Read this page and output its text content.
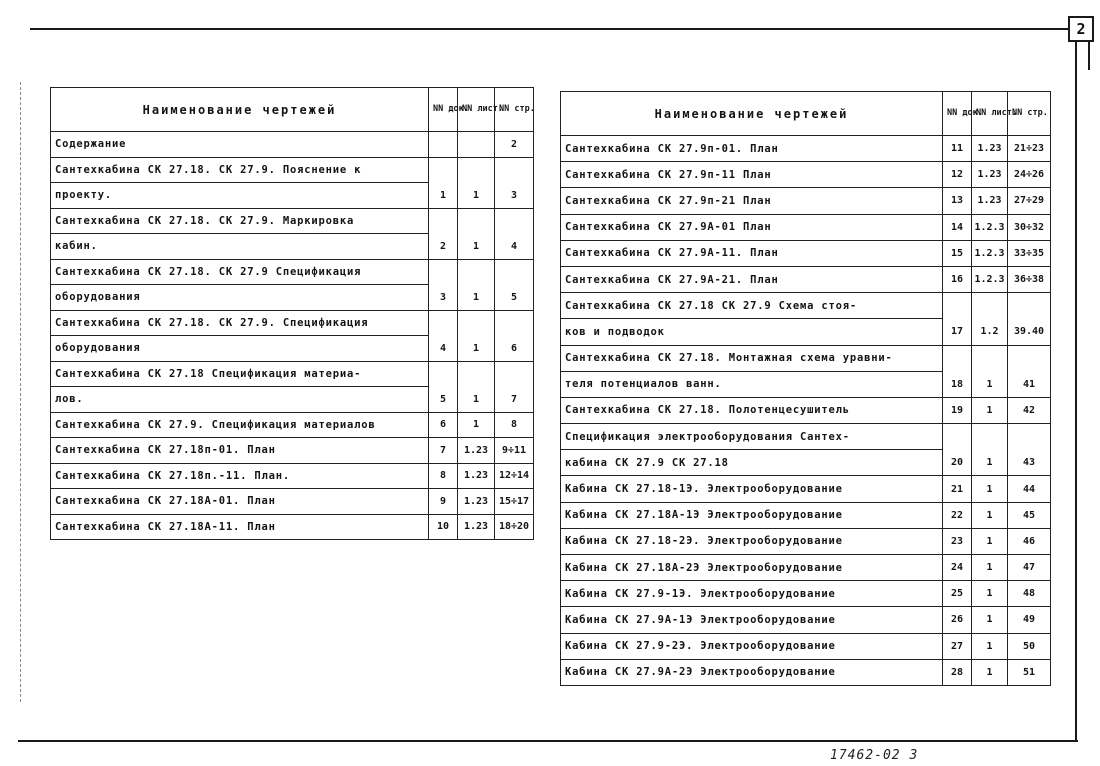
2
Наименование чертежей	NN док.	NN лист.	NN стр.
Содержание			2
Сантехкабина СК 27.18. СК 27.9. Пояснение к			
проекту.	1	1	3
Сантехкабина СК 27.18. СК 27.9. Маркировка			
кабин.	2	1	4
Сантехкабина СК 27.18. СК 27.9 Спецификация			
оборудования	3	1	5
Сантехкабина СК 27.18. СК 27.9. Спецификация			
оборудования	4	1	6
Сантехкабина СК 27.18 Спецификация материа-			
лов.	5	1	7
Сантехкабина СК 27.9. Спецификация материалов	6	1	8
Сантехкабина СК 27.18п-01. План	7	1.23	9÷11
Сантехкабина СК 27.18п.-11. План.	8	1.23	12÷14
Сантехкабина СК 27.18А-01. План	9	1.23	15÷17
Сантехкабина СК 27.18А-11. План	10	1.23	18÷20
Наименование чертежей	NN док.	NN лист.	NN стр.
Сантехкабина СК 27.9п-01. План	11	1.23	21÷23
Сантехкабина СК 27.9п-11 План	12	1.23	24÷26
Сантехкабина СК 27.9п-21 План	13	1.23	27÷29
Сантехкабина СК 27.9А-01 План	14	1.2.3	30÷32
Сантехкабина СК 27.9А-11. План	15	1.2.3	33÷35
Сантехкабина СК 27.9А-21. План	16	1.2.3	36÷38
Сантехкабина СК 27.18 СК 27.9 Схема стоя-			
ков и подводок	17	1.2	39.40
Сантехкабина СК 27.18. Монтажная схема уравни-			
теля потенциалов ванн.	18	1	41
Сантехкабина СК 27.18. Полотенцесушитель	19	1	42
Спецификация электрооборудования Сантех-			
кабина СК 27.9 СК 27.18	20	1	43
Кабина СК 27.18-1Э. Электрооборудование	21	1	44
Кабина СК 27.18А-1Э Электрооборудование	22	1	45
Кабина СК 27.18-2Э. Электрооборудование	23	1	46
Кабина СК 27.18А-2Э Электрооборудование	24	1	47
Кабина СК 27.9-1Э. Электрооборудование	25	1	48
Кабина СК 27.9А-1Э Электрооборудование	26	1	49
Кабина СК 27.9-2Э. Электрооборудование	27	1	50
Кабина СК 27.9А-2Э Электрооборудование	28	1	51
17462-02 3
